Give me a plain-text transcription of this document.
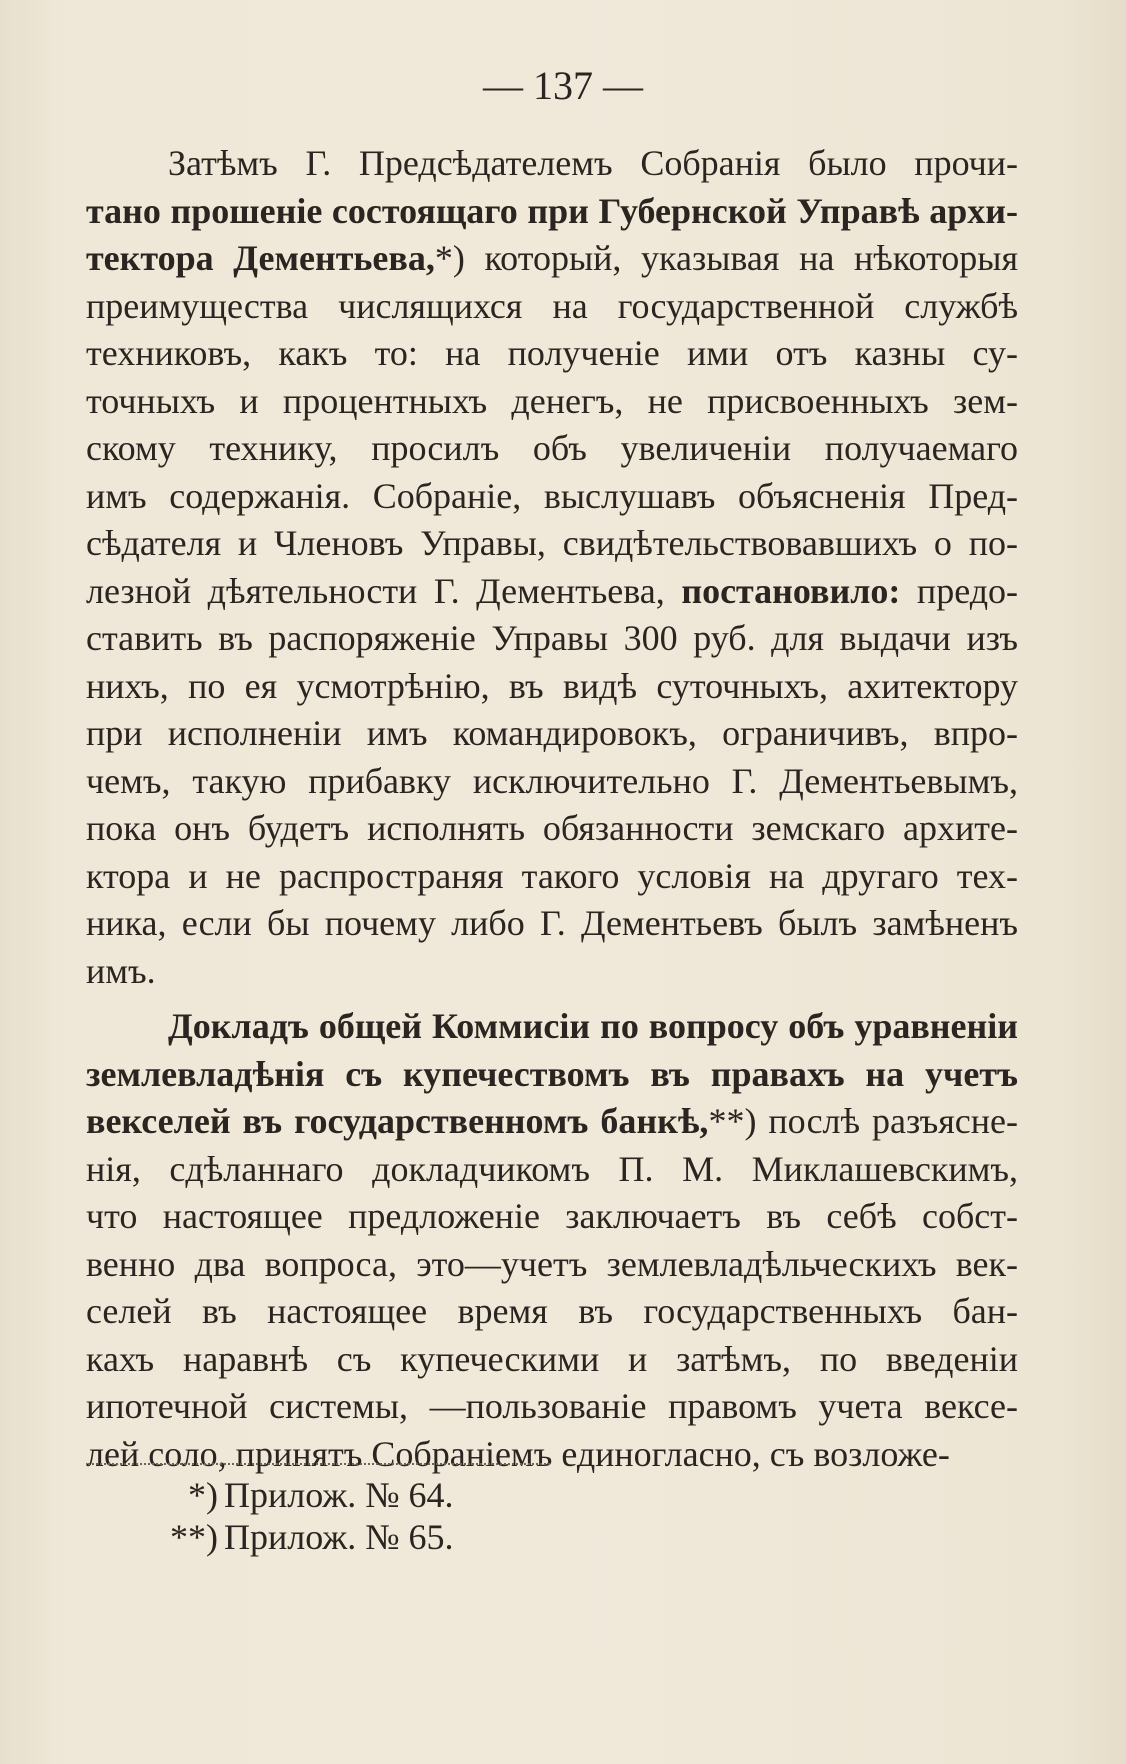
— 137 —
Затѣмъ Г. Предсѣдателемъ Собранія было прочи-
тано прошеніе состоящаго при Губернской Управѣ архи-
тектора Дементьева,*) который, указывая на нѣкоторыя
преимущества числящихся на государственной службѣ
техниковъ, какъ то: на полученіе ими отъ казны су-
точныхъ и процентныхъ денегъ, не присвоенныхъ зем-
скому технику, просилъ объ увеличеніи получаемаго
имъ содержанія. Собраніе, выслушавъ объясненія Пред-
сѣдателя и Членовъ Управы, свидѣтельствовавшихъ о по-
лезной дѣятельности Г. Дементьева, постановило: предо-
ставить въ распоряженіе Управы 300 руб. для выдачи изъ
нихъ, по ея усмотрѣнію, въ видѣ суточныхъ, ахитектору
при исполненіи имъ командировокъ, ограничивъ, впро-
чемъ, такую прибавку исключительно Г. Дементьевымъ,
пока онъ будетъ исполнять обязанности земскаго архите-
ктора и не распространяя такого условія на другаго тех-
ника, если бы почему либо Г. Дементьевъ былъ замѣненъ
имъ.
Докладъ общей Коммисіи по вопросу объ уравненіи
землевладѣнія съ купечествомъ въ правахъ на учетъ
векселей въ государственномъ банкѣ,**) послѣ разъясне-
нія, сдѣланнаго докладчикомъ П. М. Миклашевскимъ,
что настоящее предложеніе заключаетъ въ себѣ собст-
венно два вопроса, это—учетъ землевладѣльческихъ век-
селей въ настоящее время въ государственныхъ бан-
кахъ наравнѣ съ купеческими и затѣмъ, по введеніи
ипотечной системы, —пользованіе правомъ учета вексе-
лей соло, принятъ Собраніемъ единогласно, съ возложе-
*) Прилож. № 64.
**) Прилож. № 65.
